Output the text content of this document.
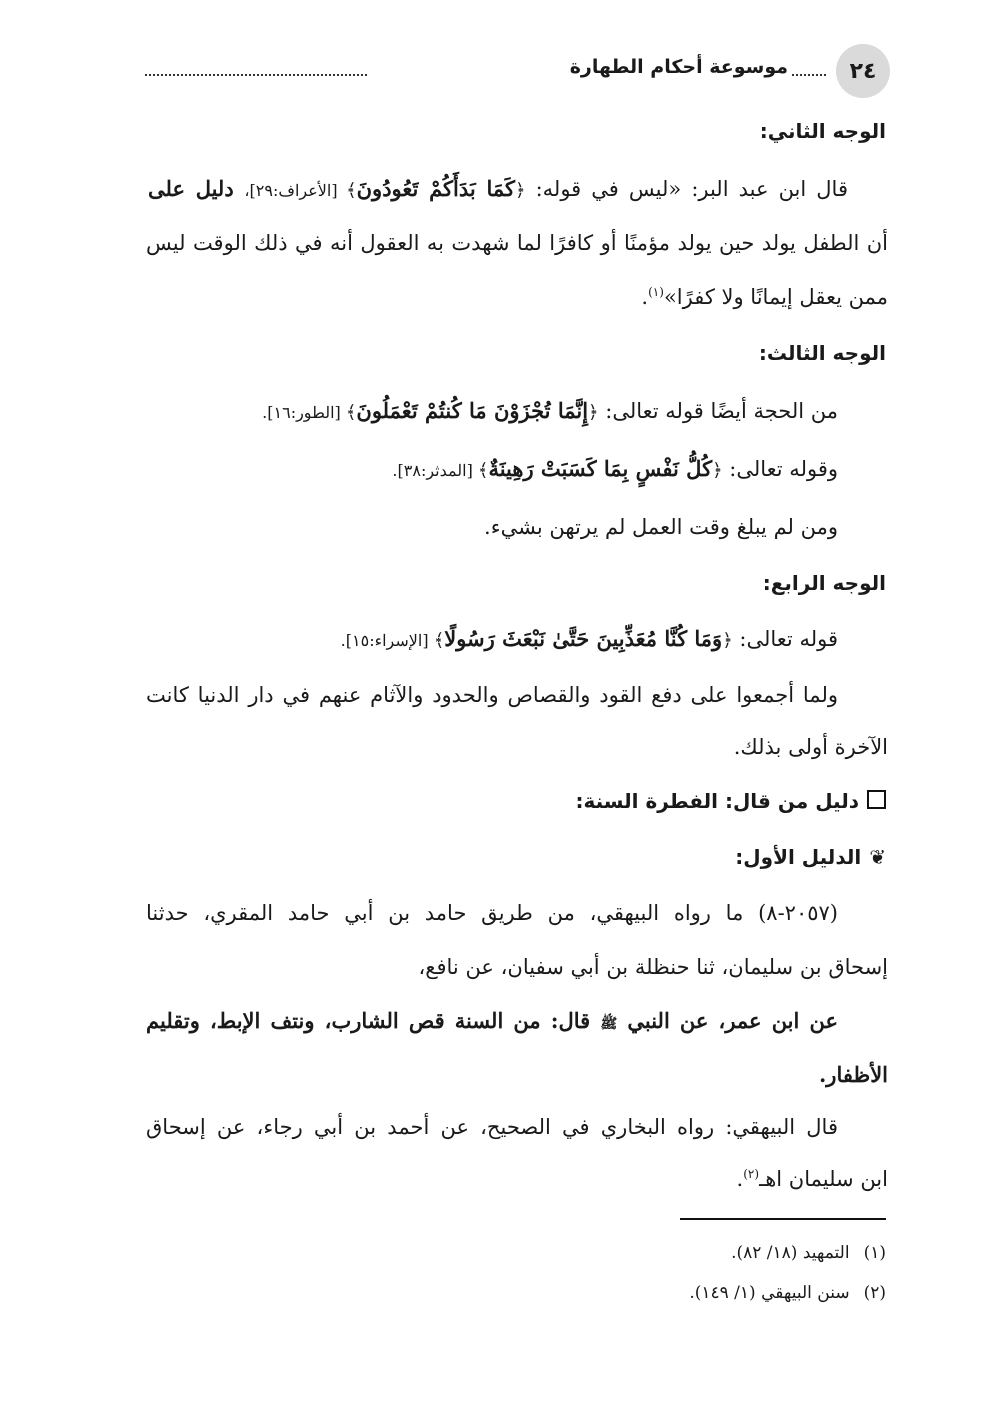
٢٤
موسوعة أحكام الطهارة
الوجه الثاني:
قال ابن عبد البر: «ليس في قوله: ﴿كَمَا بَدَأَكُمْ تَعُودُونَ﴾ [الأعراف:٢٩]، دليل على
أن الطفل يولد حين يولد مؤمنًا أو كافرًا لما شهدت به العقول أنه في ذلك الوقت ليس
ممن يعقل إيمانًا ولا كفرًا»$^{(١)}$.
الوجه الثالث:
من الحجة أيضًا قوله تعالى: ﴿إِنَّمَا تُجْزَوْنَ مَا كُنتُمْ تَعْمَلُونَ﴾ [الطور:١٦].
وقوله تعالى: ﴿كُلُّ نَفْسٍ بِمَا كَسَبَتْ رَهِينَةٌ﴾ [المدثر:٣٨].
ومن لم يبلغ وقت العمل لم يرتهن بشيء.
الوجه الرابع:
قوله تعالى: ﴿وَمَا كُنَّا مُعَذِّبِينَ حَتَّىٰ نَبْعَثَ رَسُولًا﴾ [الإسراء:١٥].
ولما أجمعوا على دفع القود والقصاص والحدود والآثام عنهم في دار الدنيا كانت
الآخرة أولى بذلك.
دليل من قال: الفطرة السنة:
❦الدليل الأول:
(٢٠٥٧-٨) ما رواه البيهقي، من طريق حامد بن أبي حامد المقري، حدثنا
إسحاق بن سليمان، ثنا حنظلة بن أبي سفيان، عن نافع،
عن ابن عمر، عن النبي ﷺ قال: من السنة قص الشارب، ونتف الإبط، وتقليم
الأظفار.
قال البيهقي: رواه البخاري في الصحيح، عن أحمد بن أبي رجاء، عن إسحاق
ابن سليمان اهـ$^{(٢)}$.
(١)التمهيد (١٨/ ٨٢).
(٢)سنن البيهقي (١/ ١٤٩).
